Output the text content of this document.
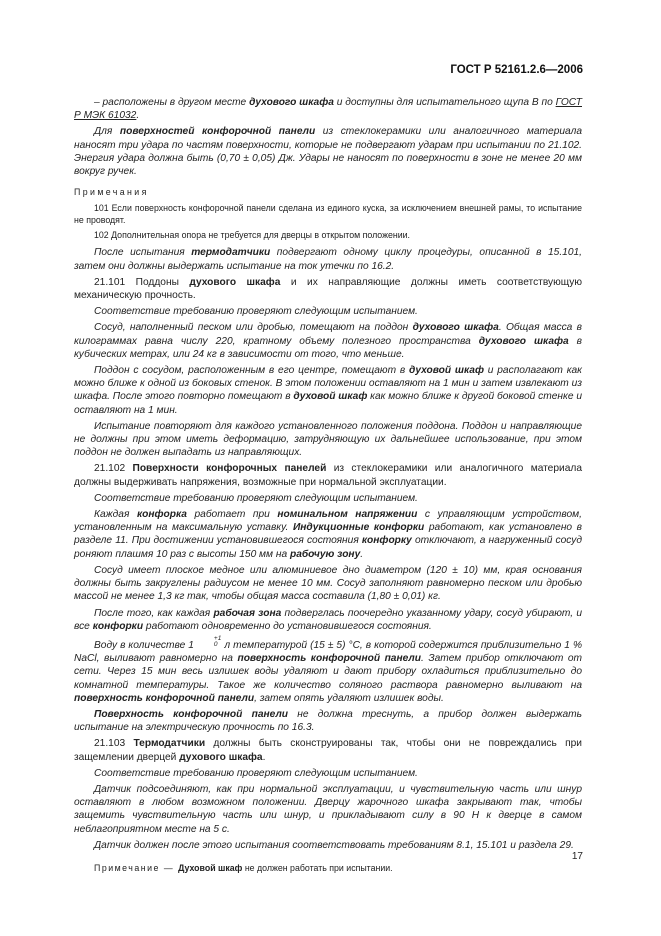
ГОСТ Р 52161.2.6—2006

– расположены в другом месте духового шкафа и доступны для испытательного щупа В по ГОСТ Р МЭК 61032.

Для поверхностей конфорочной панели из стеклокерамики или аналогичного материала наносят три удара по частям поверхности, которые не подвергают ударам при испытании по 21.102. Энергия удара должна быть (0,70 ± 0,05) Дж. Удары не наносят по поверхности в зоне не менее 20 мм вокруг ручек.

Примечания

101 Если поверхность конфорочной панели сделана из единого куска, за исключением внешней рамы, то испытание не проводят.

102 Дополнительная опора не требуется для дверцы в открытом положении.

После испытания термодатчики подвергают одному циклу процедуры, описанной в 15.101, затем они должны выдержать испытание на ток утечки по 16.2.

21.101 Поддоны духового шкафа и их направляющие должны иметь соответствующую механическую прочность.

Соответствие требованию проверяют следующим испытанием.

Сосуд, наполненный песком или дробью, помещают на поддон духового шкафа. Общая масса в килограммах равна числу 220, кратному объему полезного пространства духового шкафа в кубических метрах, или 24 кг в зависимости от того, что меньше.

Поддон с сосудом, расположенным в его центре, помещают в духовой шкаф и располагают как можно ближе к одной из боковых стенок. В этом положении оставляют на 1 мин и затем извлекают из шкафа. После этого повторно помещают в духовой шкаф как можно ближе к другой боковой стенке и оставляют на 1 мин.

Испытание повторяют для каждого установленного положения поддона. Поддон и направляющие не должны при этом иметь деформацию, затрудняющую их дальнейшее использование, при этом поддон не должен выпадать из направляющих.

21.102 Поверхности конфорочных панелей из стеклокерамики или аналогичного материала должны выдерживать напряжения, возможные при нормальной эксплуатации.

Соответствие требованию проверяют следующим испытанием.

Каждая конфорка работает при номинальном напряжении с управляющим устройством, установленным на максимальную уставку. Индукционные конфорки работают, как установлено в разделе 11. При достижении установившегося состояния конфорку отключают, а нагруженный сосуд роняют плашмя 10 раз с высоты 150 мм на рабочую зону.

Сосуд имеет плоское медное или алюминиевое дно диаметром (120 ± 10) мм, края основания должны быть закруглены радиусом не менее 10 мм. Сосуд заполняют равномерно песком или дробью массой не менее 1,3 кг так, чтобы общая масса составила (1,80 ± 0,01) кг.

После того, как каждая рабочая зона подверглась поочередно указанному удару, сосуд убирают, и все конфорки работают одновременно до установившегося состояния.

Воду в количестве 1
+1
0 л температурой (15 ± 5) °С, в которой содержится приблизительно 1 % NaCl, выливают равномерно на поверхность конфорочной панели. Затем прибор отключают от сети. Через 15 мин весь излишек воды удаляют и дают прибору охладиться приблизительно до комнатной температуры. Такое же количество соляного раствора равномерно выливают на поверхность конфорочной панели, затем опять удаляют излишек воды.

Поверхность конфорочной панели не должна треснуть, а прибор должен выдержать испытание на электрическую прочность по 16.3.

21.103 Термодатчики должны быть сконструированы так, чтобы они не повреждались при защемлении дверцей духового шкафа.

Соответствие требованию проверяют следующим испытанием.

Датчик подсоединяют, как при нормальной эксплуатации, и чувствительную часть или шнур оставляют в любом возможном положении. Дверцу жарочного шкафа закрывают так, чтобы защемить чувствительную часть или шнур, и прикладывают силу в 90 Н к дверце в самом неблагоприятном месте на 5 с.

Датчик должен после этого испытания соответствовать требованиям 8.1, 15.101 и раздела 29.

Примечание — Духовой шкаф не должен работать при испытании.

17
